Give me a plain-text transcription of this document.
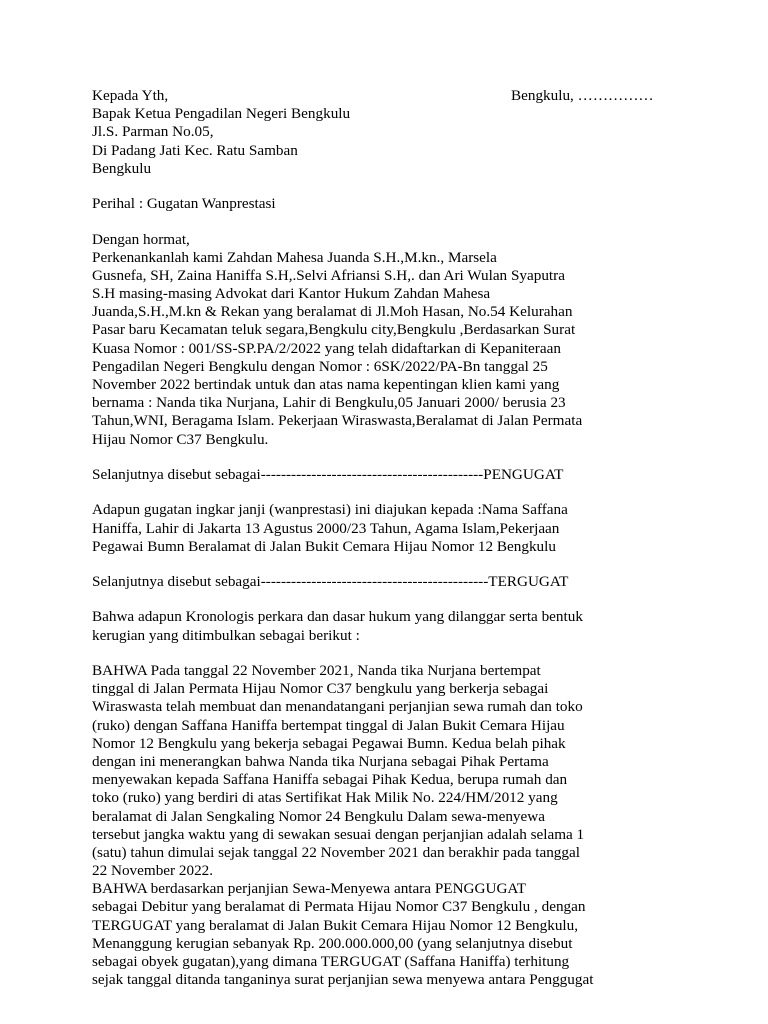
Bengkulu, ……………
Kepada Yth,
Bapak Ketua Pengadilan Negeri Bengkulu
Jl.S. Parman No.05,
Di Padang Jati Kec. Ratu Samban
Bengkulu
Perihal : Gugatan Wanprestasi
Dengan hormat,
Perkenankanlah kami Zahdan Mahesa Juanda S.H.,M.kn., Marsela
Gusnefa, SH, Zaina Haniffa S.H,.Selvi Afriansi S.H,. dan Ari Wulan Syaputra
S.H masing-masing Advokat dari Kantor Hukum Zahdan Mahesa
Juanda,S.H.,M.kn & Rekan yang beralamat di Jl.Moh Hasan, No.54 Kelurahan
Pasar baru Kecamatan teluk segara,Bengkulu city,Bengkulu ,Berdasarkan Surat
Kuasa Nomor : 001/SS-SP.PA/2/2022 yang telah didaftarkan di Kepaniteraan
Pengadilan Negeri Bengkulu dengan Nomor : 6SK/2022/PA-Bn tanggal 25
November 2022 bertindak untuk dan atas nama kepentingan klien kami yang
bernama : Nanda tika Nurjana, Lahir di Bengkulu,05 Januari 2000/ berusia 23
Tahun,WNI, Beragama Islam. Pekerjaan Wiraswasta,Beralamat di Jalan Permata
Hijau Nomor C37 Bengkulu.
Selanjutnya disebut sebagai--------------------------------------------PENGUGAT
Adapun gugatan ingkar janji (wanprestasi) ini diajukan kepada :Nama Saffana
Haniffa, Lahir di Jakarta 13 Agustus 2000/23 Tahun, Agama Islam,Pekerjaan
Pegawai Bumn Beralamat di Jalan Bukit Cemara Hijau Nomor 12 Bengkulu
Selanjutnya disebut sebagai---------------------------------------------TERGUGAT
Bahwa adapun Kronologis perkara dan dasar hukum yang dilanggar serta bentuk
kerugian yang ditimbulkan sebagai berikut :
BAHWA Pada tanggal 22 November 2021, Nanda tika Nurjana bertempat
tinggal di Jalan Permata Hijau Nomor C37 bengkulu yang berkerja sebagai
Wiraswasta telah membuat dan menandatangani perjanjian sewa rumah dan toko
(ruko) dengan Saffana Haniffa bertempat tinggal di Jalan Bukit Cemara Hijau
Nomor 12 Bengkulu yang bekerja sebagai Pegawai Bumn. Kedua belah pihak
dengan ini menerangkan bahwa Nanda tika Nurjana sebagai Pihak Pertama
menyewakan kepada Saffana Haniffa sebagai Pihak Kedua, berupa rumah dan
toko (ruko) yang berdiri di atas Sertifikat Hak Milik No. 224/HM/2012 yang
beralamat di Jalan Sengkaling Nomor 24 Bengkulu Dalam sewa-menyewa
tersebut jangka waktu yang di sewakan sesuai dengan perjanjian adalah selama 1
(satu) tahun dimulai sejak tanggal 22 November 2021 dan berakhir pada tanggal
22 November 2022.
BAHWA berdasarkan perjanjian Sewa-Menyewa antara PENGGUGAT
sebagai Debitur yang beralamat di Permata Hijau Nomor C37 Bengkulu , dengan
TERGUGAT yang beralamat di Jalan Bukit Cemara Hijau Nomor 12 Bengkulu,
Menanggung kerugian sebanyak Rp. 200.000.000,00 (yang selanjutnya disebut
sebagai obyek gugatan),yang dimana TERGUGAT (Saffana Haniffa) terhitung
sejak tanggal ditanda tanganinya surat perjanjian sewa menyewa antara Penggugat
